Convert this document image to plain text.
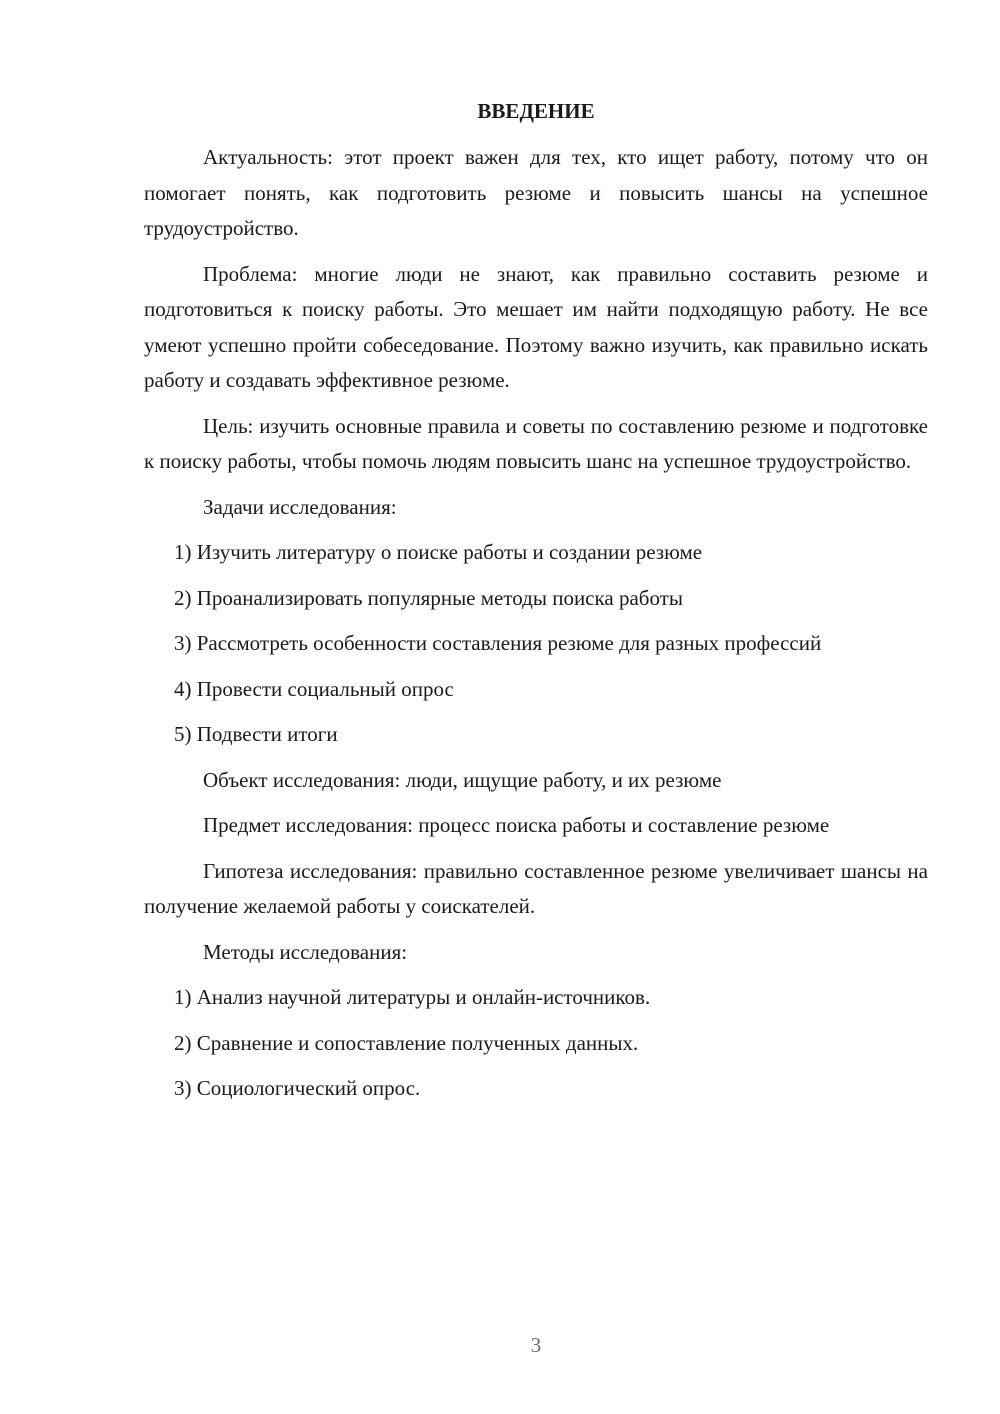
ВВЕДЕНИЕ

Актуальность: этот проект важен для тех, кто ищет работу, потому что он помогает понять, как подготовить резюме и повысить шансы на успешное трудоустройство.

Проблема: многие люди не знают, как правильно составить резюме и подготовиться к поиску работы. Это мешает им найти подходящую работу. Не все умеют успешно пройти собеседование. Поэтому важно изучить, как правильно искать работу и создавать эффективное резюме.

Цель: изучить основные правила и советы по составлению резюме и подготовке к поиску работы, чтобы помочь людям повысить шанс на успешное трудоустройство.

Задачи исследования:

1) Изучить литературу о поиске работы и создании резюме

2) Проанализировать популярные методы поиска работы

3) Рассмотреть особенности составления резюме для разных профессий

4) Провести социальный опрос

5) Подвести итоги

Объект исследования: люди, ищущие работу, и их резюме

Предмет исследования: процесс поиска работы и составление резюме

Гипотеза исследования: правильно составленное резюме увеличивает шансы на получение желаемой работы у соискателей.

Методы исследования:

1) Анализ научной литературы и онлайн-источников.

2) Сравнение и сопоставление полученных данных.

3) Социологический опрос.

3
